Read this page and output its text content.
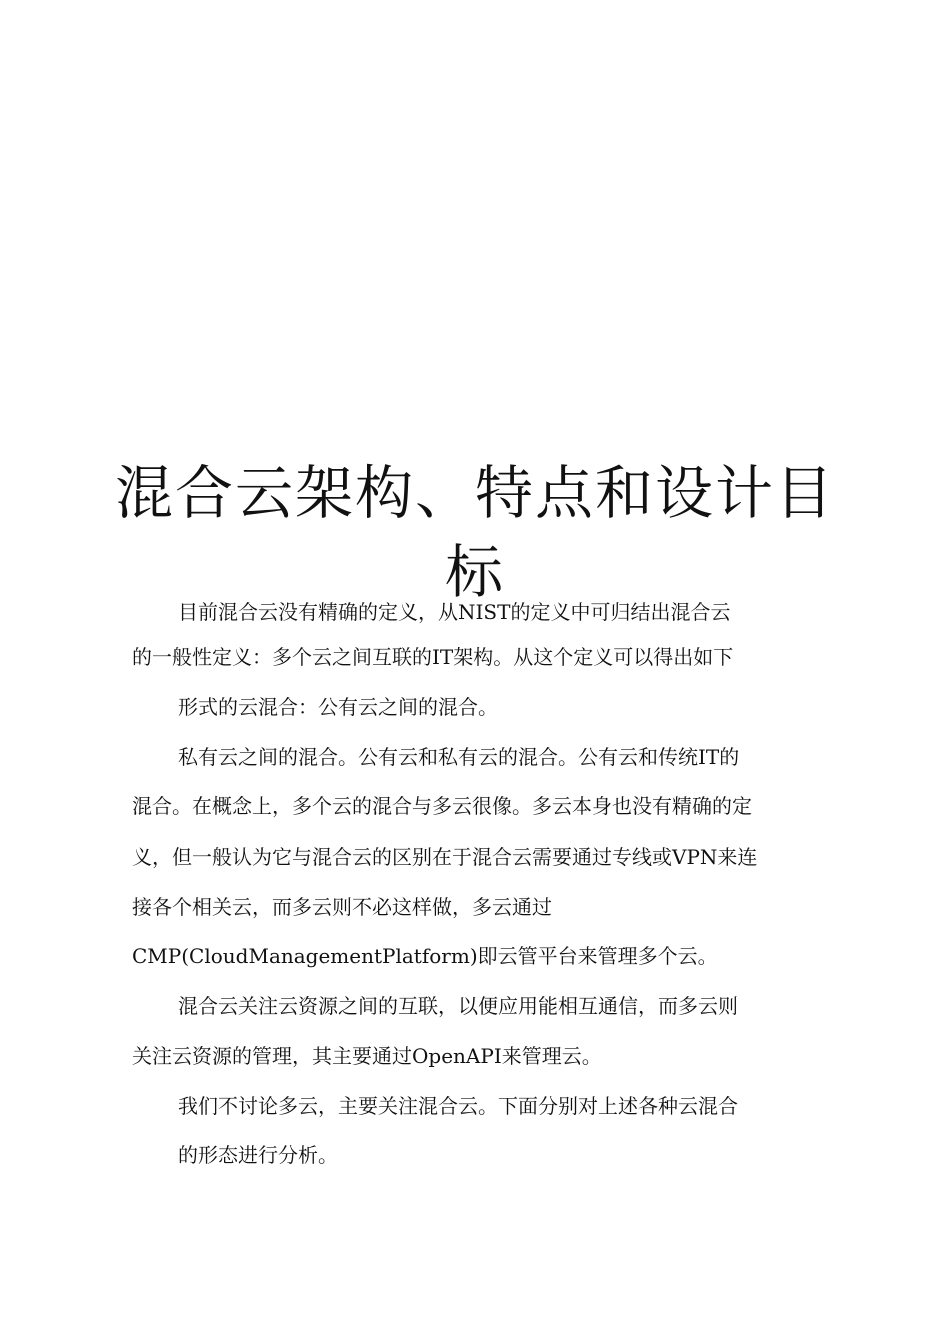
混合云架构、特点和设计目
标

目前混合云没有精确的定义，从NIST的定义中可归结出混合云

的一般性定义：多个云之间互联的IT架构。从这个定义可以得出如下

形式的云混合：公有云之间的混合。

私有云之间的混合。公有云和私有云的混合。公有云和传统IT的

混合。在概念上，多个云的混合与多云很像。多云本身也没有精确的定

义，但一般认为它与混合云的区别在于混合云需要通过专线或VPN来连

接各个相关云，而多云则不必这样做，多云通过

CMP(CloudManagementPlatform)即云管平台来管理多个云。

混合云关注云资源之间的互联，以便应用能相互通信，而多云则

关注云资源的管理，其主要通过OpenAPI来管理云。

我们不讨论多云，主要关注混合云。下面分别对上述各种云混合

的形态进行分析。
